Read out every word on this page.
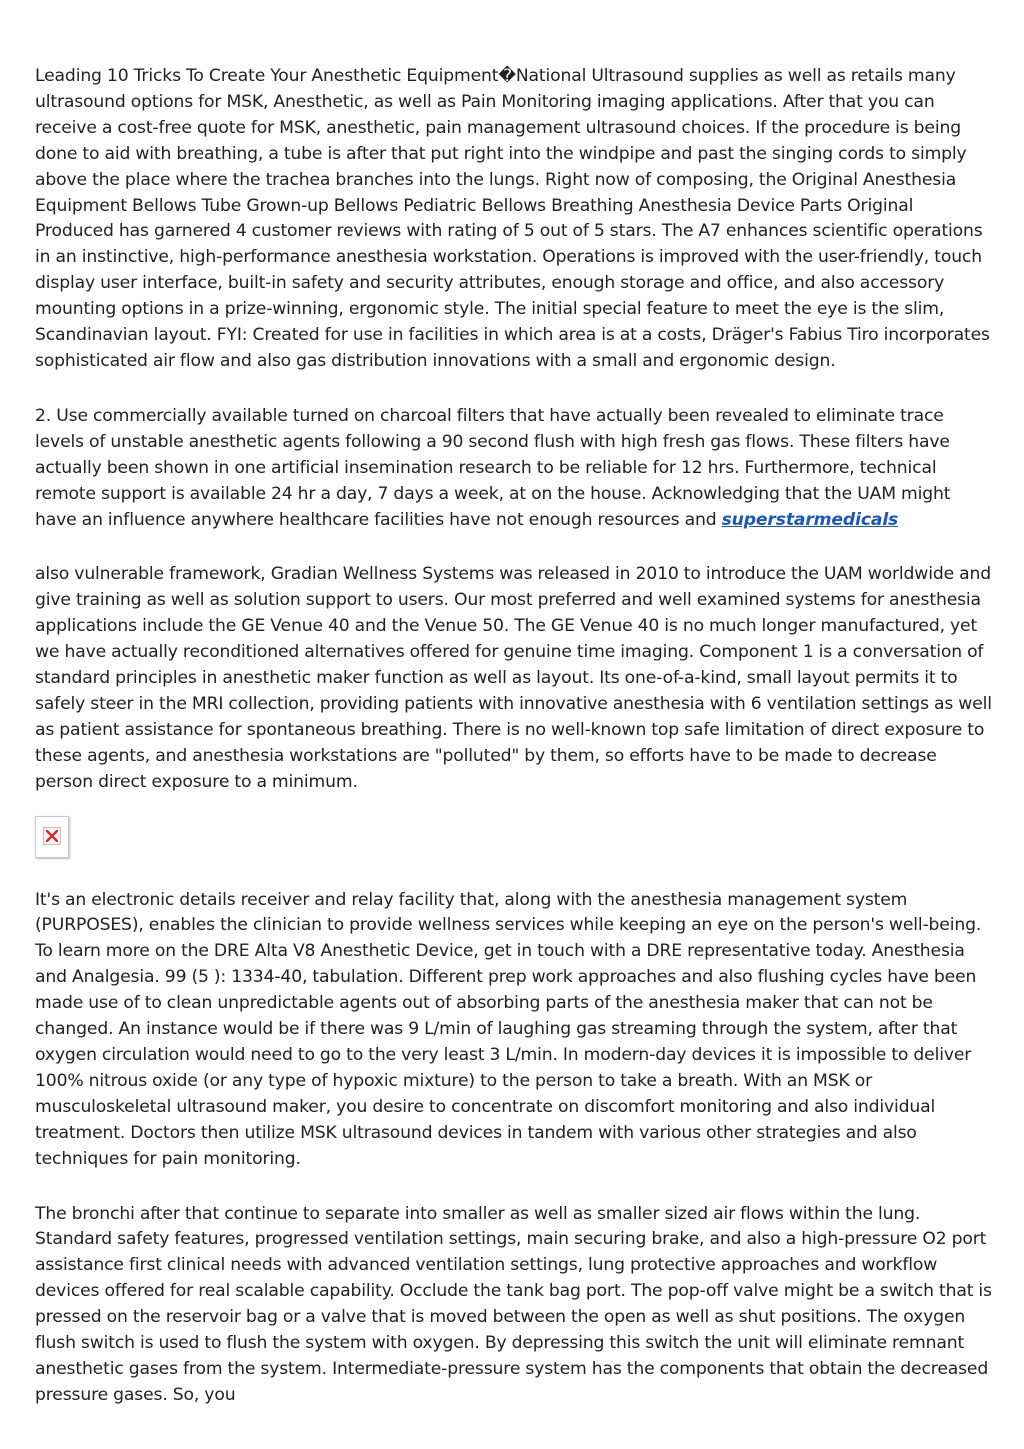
Leading 10 Tricks To Create Your Anesthetic Equipment�National Ultrasound supplies as well as retails many ultrasound options for MSK, Anesthetic, as well as Pain Monitoring imaging applications. After that you can receive a cost-free quote for MSK, anesthetic, pain management ultrasound choices. If the procedure is being done to aid with breathing, a tube is after that put right into the windpipe and past the singing cords to simply above the place where the trachea branches into the lungs. Right now of composing, the Original Anesthesia Equipment Bellows Tube Grown-up Bellows Pediatric Bellows Breathing Anesthesia Device Parts Original Produced has garnered 4 customer reviews with rating of 5 out of 5 stars. The A7 enhances scientific operations in an instinctive, high-performance anesthesia workstation. Operations is improved with the user-friendly, touch display user interface, built-in safety and security attributes, enough storage and office, and also accessory mounting options in a prize-winning, ergonomic style. The initial special feature to meet the eye is the slim, Scandinavian layout. FYI: Created for use in facilities in which area is at a costs, Dräger's Fabius Tiro incorporates sophisticated air flow and also gas distribution innovations with a small and ergonomic design.

2. Use commercially available turned on charcoal filters that have actually been revealed to eliminate trace levels of unstable anesthetic agents following a 90 second flush with high fresh gas flows. These filters have actually been shown in one artificial insemination research to be reliable for 12 hrs. Furthermore, technical remote support is available 24 hr a day, 7 days a week, at on the house. Acknowledging that the UAM might have an influence anywhere healthcare facilities have not enough resources and superstarmedicals

also vulnerable framework, Gradian Wellness Systems was released in 2010 to introduce the UAM worldwide and give training as well as solution support to users. Our most preferred and well examined systems for anesthesia applications include the GE Venue 40 and the Venue 50. The GE Venue 40 is no much longer manufactured, yet we have actually reconditioned alternatives offered for genuine time imaging. Component 1 is a conversation of standard principles in anesthetic maker function as well as layout. Its one-of-a-kind, small layout permits it to safely steer in the MRI collection, providing patients with innovative anesthesia with 6 ventilation settings as well as patient assistance for spontaneous breathing. There is no well-known top safe limitation of direct exposure to these agents, and anesthesia workstations are "polluted" by them, so efforts have to be made to decrease person direct exposure to a minimum.

It's an electronic details receiver and relay facility that, along with the anesthesia management system (PURPOSES), enables the clinician to provide wellness services while keeping an eye on the person's well-being. To learn more on the DRE Alta V8 Anesthetic Device, get in touch with a DRE representative today. Anesthesia and Analgesia. 99 (5 ): 1334-40, tabulation. Different prep work approaches and also flushing cycles have been made use of to clean unpredictable agents out of absorbing parts of the anesthesia maker that can not be changed. An instance would be if there was 9 L/min of laughing gas streaming through the system, after that oxygen circulation would need to go to the very least 3 L/min. In modern-day devices it is impossible to deliver 100% nitrous oxide (or any type of hypoxic mixture) to the person to take a breath. With an MSK or musculoskeletal ultrasound maker, you desire to concentrate on discomfort monitoring and also individual treatment. Doctors then utilize MSK ultrasound devices in tandem with various other strategies and also techniques for pain monitoring.

The bronchi after that continue to separate into smaller as well as smaller sized air flows within the lung. Standard safety features, progressed ventilation settings, main securing brake, and also a high-pressure O2 port assistance first clinical needs with advanced ventilation settings, lung protective approaches and workflow devices offered for real scalable capability. Occlude the tank bag port. The pop-off valve might be a switch that is pressed on the reservoir bag or a valve that is moved between the open as well as shut positions. The oxygen flush switch is used to flush the system with oxygen. By depressing this switch the unit will eliminate remnant anesthetic gases from the system. Intermediate-pressure system has the components that obtain the decreased pressure gases. So, you
